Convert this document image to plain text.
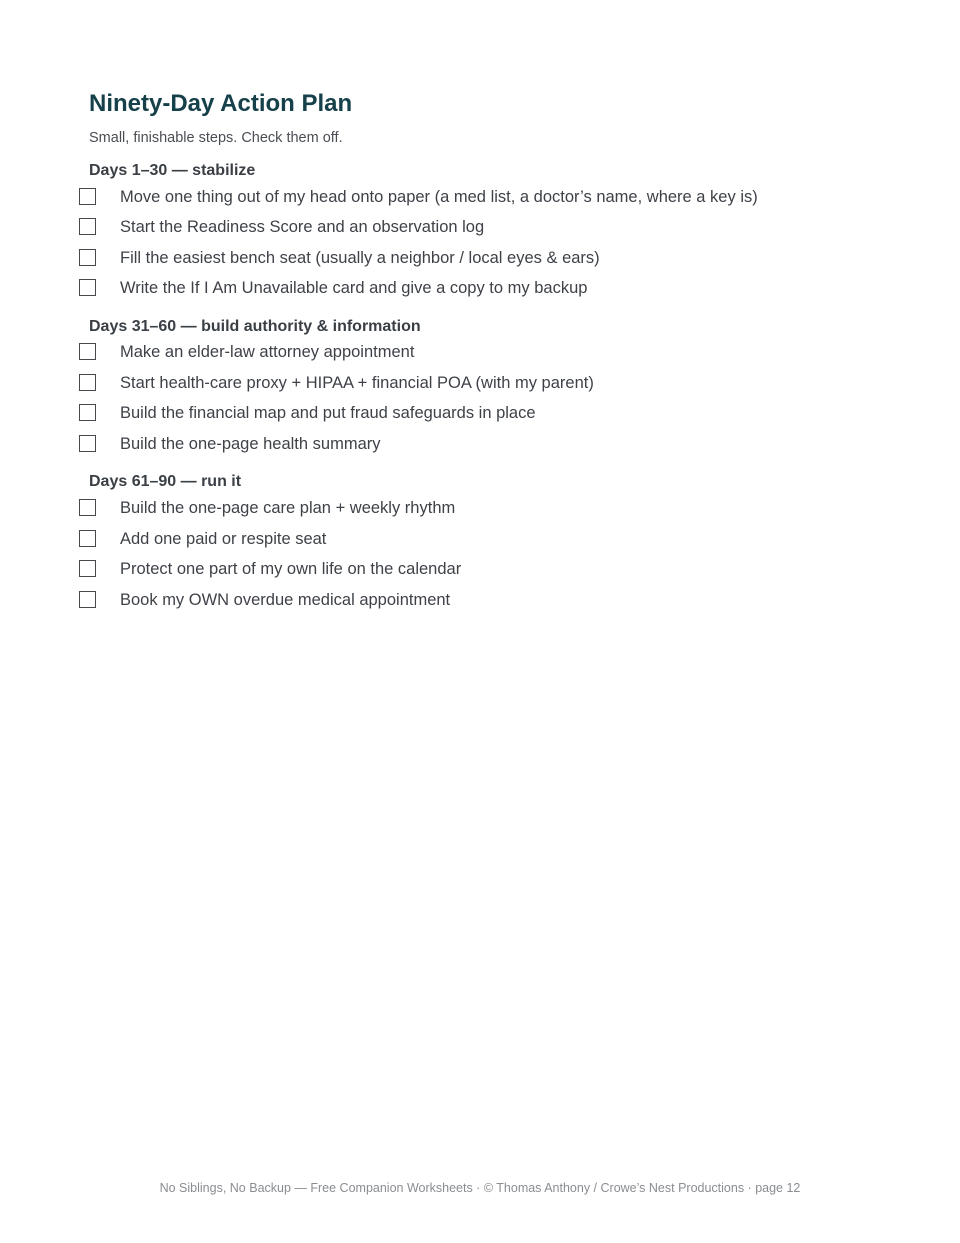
Ninety-Day Action Plan
Small, finishable steps. Check them off.
Days 1–30 — stabilize
Move one thing out of my head onto paper (a med list, a doctor’s name, where a key is)
Start the Readiness Score and an observation log
Fill the easiest bench seat (usually a neighbor / local eyes & ears)
Write the If I Am Unavailable card and give a copy to my backup
Days 31–60 — build authority & information
Make an elder-law attorney appointment
Start health-care proxy + HIPAA + financial POA (with my parent)
Build the financial map and put fraud safeguards in place
Build the one-page health summary
Days 61–90 — run it
Build the one-page care plan + weekly rhythm
Add one paid or respite seat
Protect one part of my own life on the calendar
Book my OWN overdue medical appointment
No Siblings, No Backup — Free Companion Worksheets · © Thomas Anthony / Crowe’s Nest Productions · page 12
